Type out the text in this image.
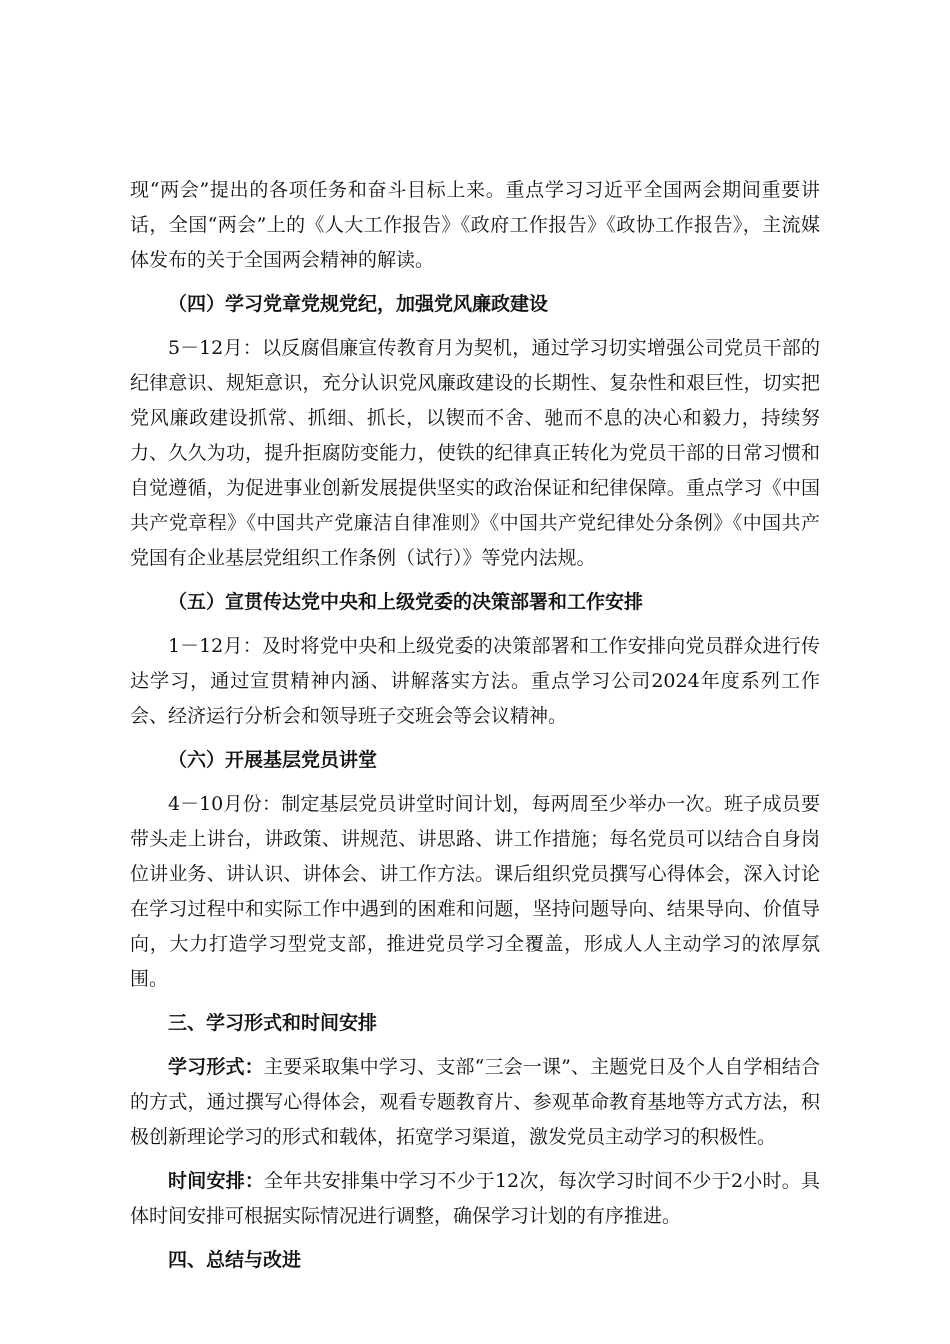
现“两会”提出的各项任务和奋斗目标上来。重点学习习近平全国两会期间重要讲话，全国“两会”上的《人大工作报告》《政府工作报告》《政协工作报告》，主流媒体发布的关于全国两会精神的解读。

（四）学习党章党规党纪，加强党风廉政建设

5－12月：以反腐倡廉宣传教育月为契机，通过学习切实增强公司党员干部的纪律意识、规矩意识，充分认识党风廉政建设的长期性、复杂性和艰巨性，切实把党风廉政建设抓常、抓细、抓长，以锲而不舍、驰而不息的决心和毅力，持续努力、久久为功，提升拒腐防变能力，使铁的纪律真正转化为党员干部的日常习惯和自觉遵循，为促进事业创新发展提供坚实的政治保证和纪律保障。重点学习《中国共产党章程》《中国共产党廉洁自律准则》《中国共产党纪律处分条例》《中国共产党国有企业基层党组织工作条例（试行）》等党内法规。

（五）宣贯传达党中央和上级党委的决策部署和工作安排

1－12月：及时将党中央和上级党委的决策部署和工作安排向党员群众进行传达学习，通过宣贯精神内涵、讲解落实方法。重点学习公司2024年度系列工作会、经济运行分析会和领导班子交班会等会议精神。

（六）开展基层党员讲堂

4－10月份：制定基层党员讲堂时间计划，每两周至少举办一次。班子成员要带头走上讲台，讲政策、讲规范、讲思路、讲工作措施；每名党员可以结合自身岗位讲业务、讲认识、讲体会、讲工作方法。课后组织党员撰写心得体会，深入讨论在学习过程中和实际工作中遇到的困难和问题，坚持问题导向、结果导向、价值导向，大力打造学习型党支部，推进党员学习全覆盖，形成人人主动学习的浓厚氛围。

三、学习形式和时间安排

学习形式：主要采取集中学习、支部“三会一课”、主题党日及个人自学相结合的方式，通过撰写心得体会，观看专题教育片、参观革命教育基地等方式方法，积极创新理论学习的形式和载体，拓宽学习渠道，激发党员主动学习的积极性。

时间安排：全年共安排集中学习不少于12次，每次学习时间不少于2小时。具体时间安排可根据实际情况进行调整，确保学习计划的有序推进。

四、总结与改进
